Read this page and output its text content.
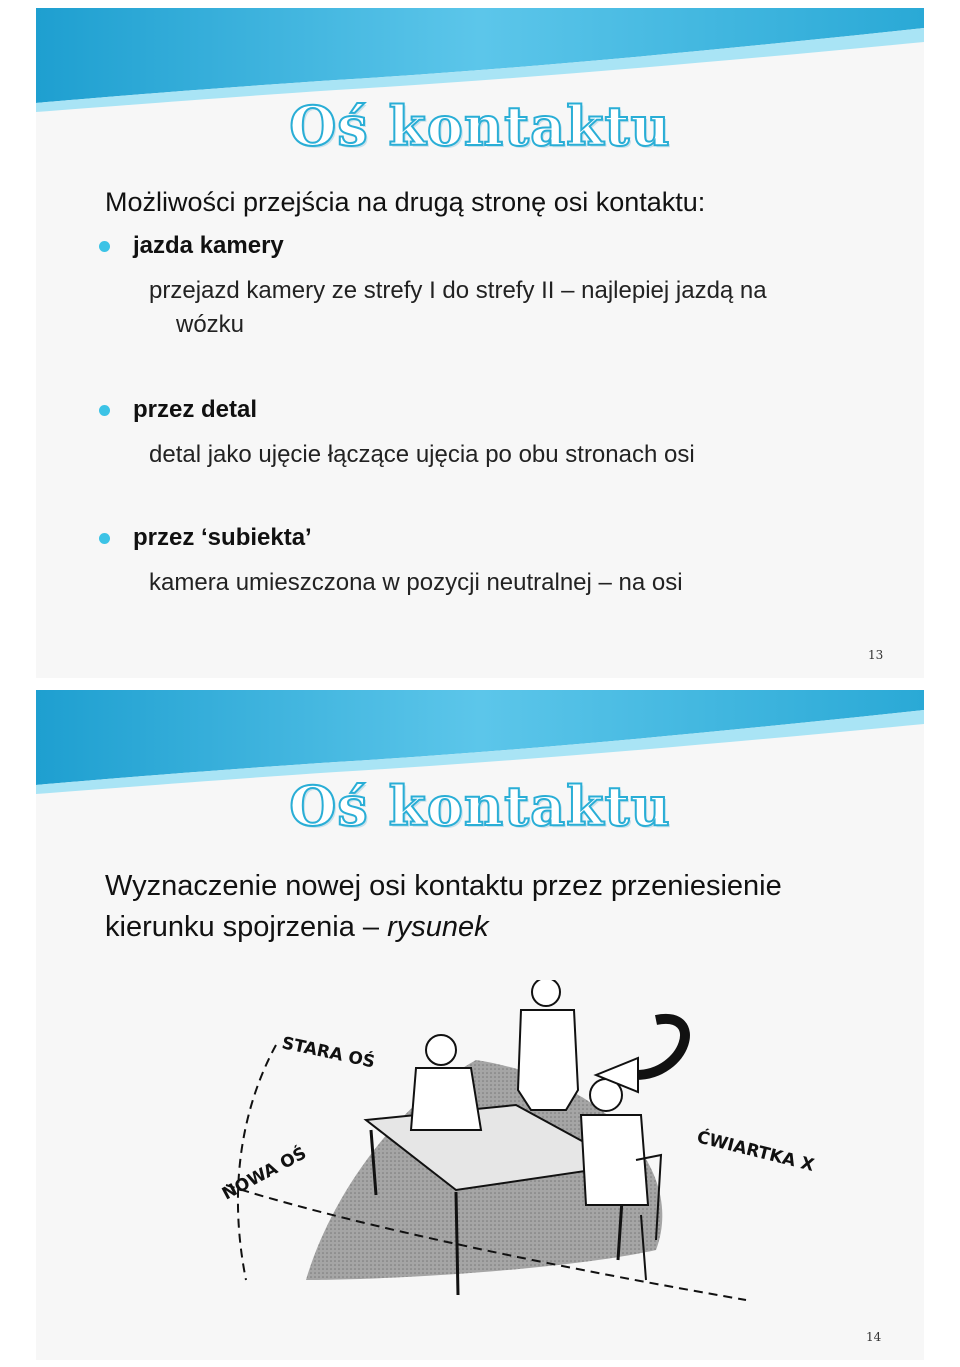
Oś kontaktu
Możliwości przejścia na drugą stronę osi kontaktu:
jazda kamery
przejazd kamery ze strefy I do strefy II – najlepiej jazdą na
wózku
przez detal
detal jako ujęcie łączące ujęcia po obu stronach osi
przez ‘subiekta’
kamera umieszczona w pozycji neutralnej – na osi
13
Oś kontaktu
Wyznaczenie nowej osi kontaktu przez przeniesienie
kierunku spojrzenia – rysunek
STARA OŚ
NOWA OŚ	ĆWIARTKA X
14
